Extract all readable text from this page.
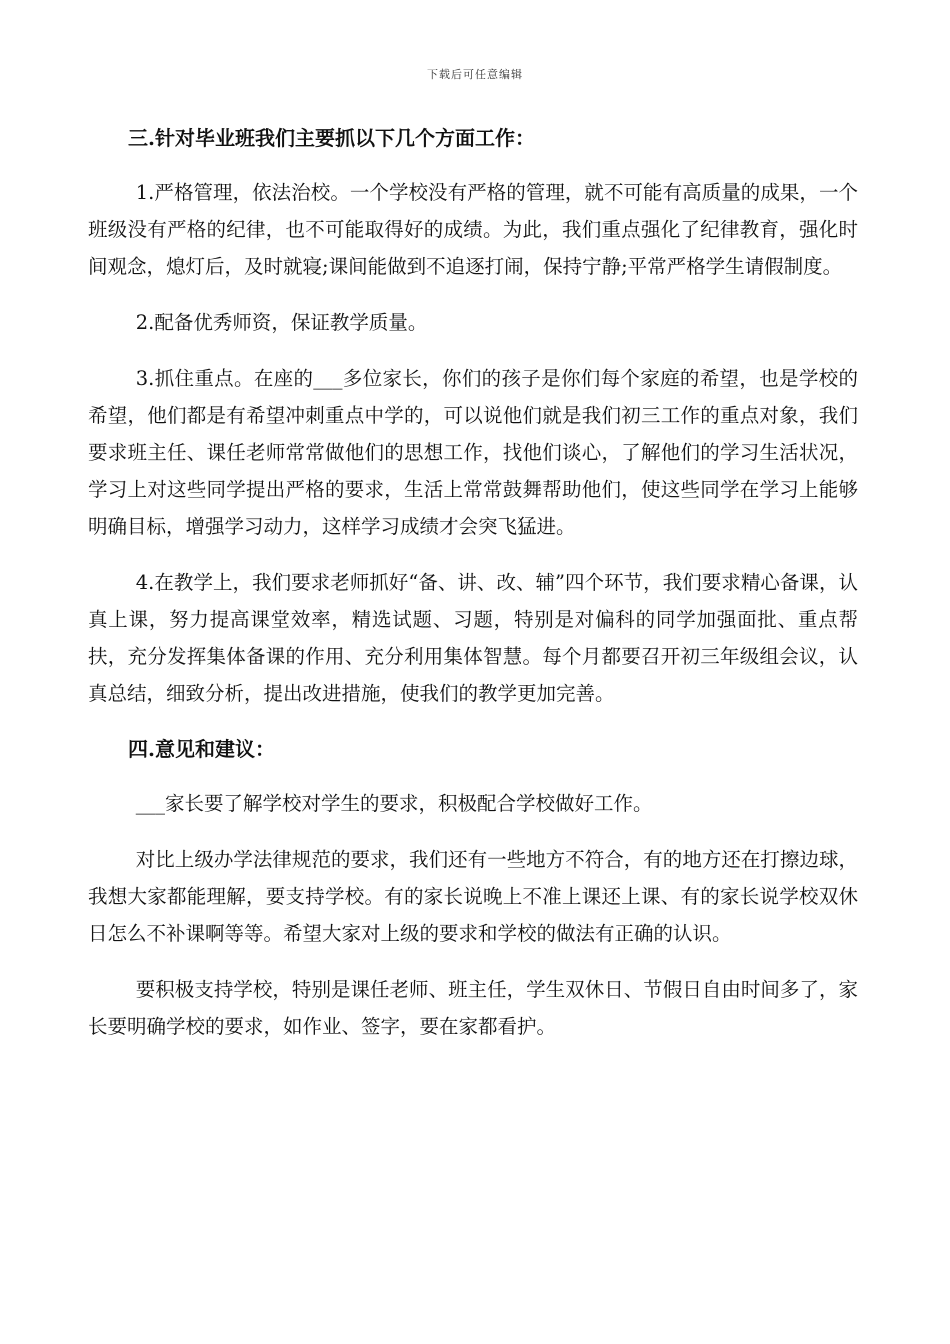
下载后可任意编辑

三.针对毕业班我们主要抓以下几个方面工作：

1.严格管理，依法治校。一个学校没有严格的管理，就不可能有高质量的成果，一个班级没有严格的纪律，也不可能取得好的成绩。为此，我们重点强化了纪律教育，强化时间观念，熄灯后，及时就寝;课间能做到不追逐打闹，保持宁静;平常严格学生请假制度。

2.配备优秀师资，保证教学质量。

3.抓住重点。在座的___多位家长，你们的孩子是你们每个家庭的希望，也是学校的希望，他们都是有希望冲刺重点中学的，可以说他们就是我们初三工作的重点对象，我们要求班主任、课任老师常常做他们的思想工作，找他们谈心，了解他们的学习生活状况，学习上对这些同学提出严格的要求，生活上常常鼓舞帮助他们，使这些同学在学习上能够明确目标，增强学习动力，这样学习成绩才会突飞猛进。

4.在教学上，我们要求老师抓好“备、讲、改、辅”四个环节，我们要求精心备课，认真上课，努力提高课堂效率，精选试题、习题，特别是对偏科的同学加强面批、重点帮扶，充分发挥集体备课的作用、充分利用集体智慧。每个月都要召开初三年级组会议，认真总结，细致分析，提出改进措施，使我们的教学更加完善。

四.意见和建议：

___家长要了解学校对学生的要求，积极配合学校做好工作。

对比上级办学法律规范的要求，我们还有一些地方不符合，有的地方还在打擦边球，我想大家都能理解，要支持学校。有的家长说晚上不准上课还上课、有的家长说学校双休日怎么不补课啊等等。希望大家对上级的要求和学校的做法有正确的认识。

要积极支持学校，特别是课任老师、班主任，学生双休日、节假日自由时间多了，家长要明确学校的要求，如作业、签字，要在家都看护。
